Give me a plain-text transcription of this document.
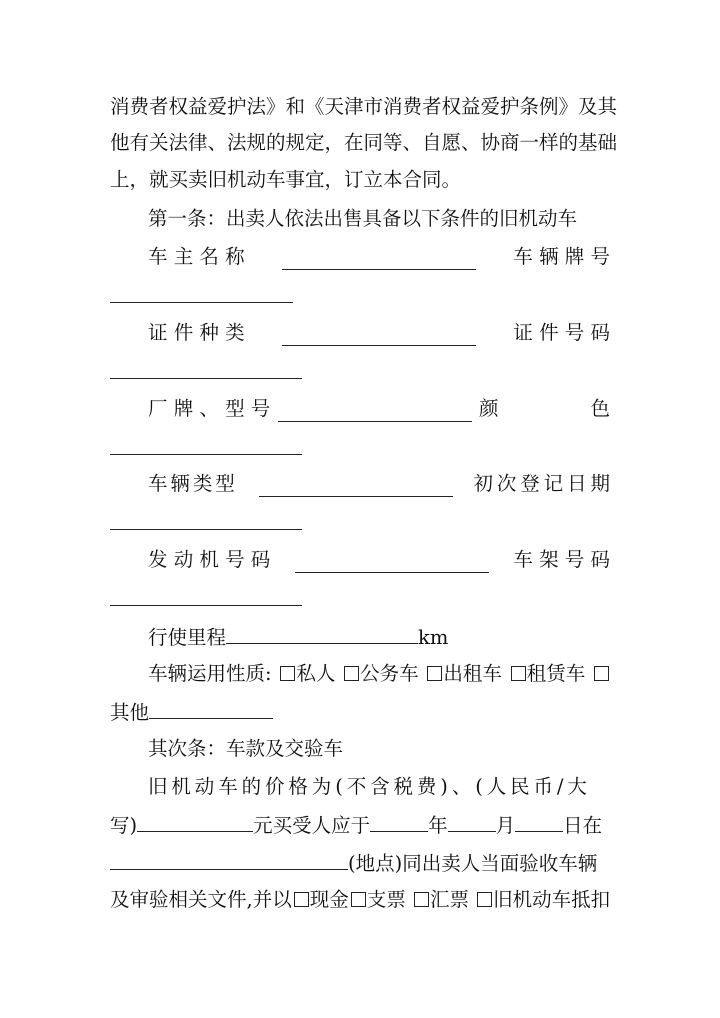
消费者权益爱护法》和《天津市消费者权益爱护条例》及其
他有关法律、法规的规定，在同等、自愿、协商一样的基础
上，就买卖旧机动车事宜，订立本合同。
第一条：出卖人依法出售具备以下条件的旧机动车
车 主 名 称	车 辆 牌 号
证 件 种 类	证 件 号 码
厂 牌 、 型 号	颜 色
车辆类型	初次登记日期
发 动 机 号 码	车 架 号 码
行使里程	km
车辆运用性质:	私人	公务车	出租车	租赁车
其他
其次条：车款及交验车
旧机动车的价格为(不含税费)、(人民币/大
写)	元买受人应于	年 月 日在
(地点)同出卖人当面验收车辆
及审验相关文件,并以 现金 支票 汇票 旧机动车抵扣
